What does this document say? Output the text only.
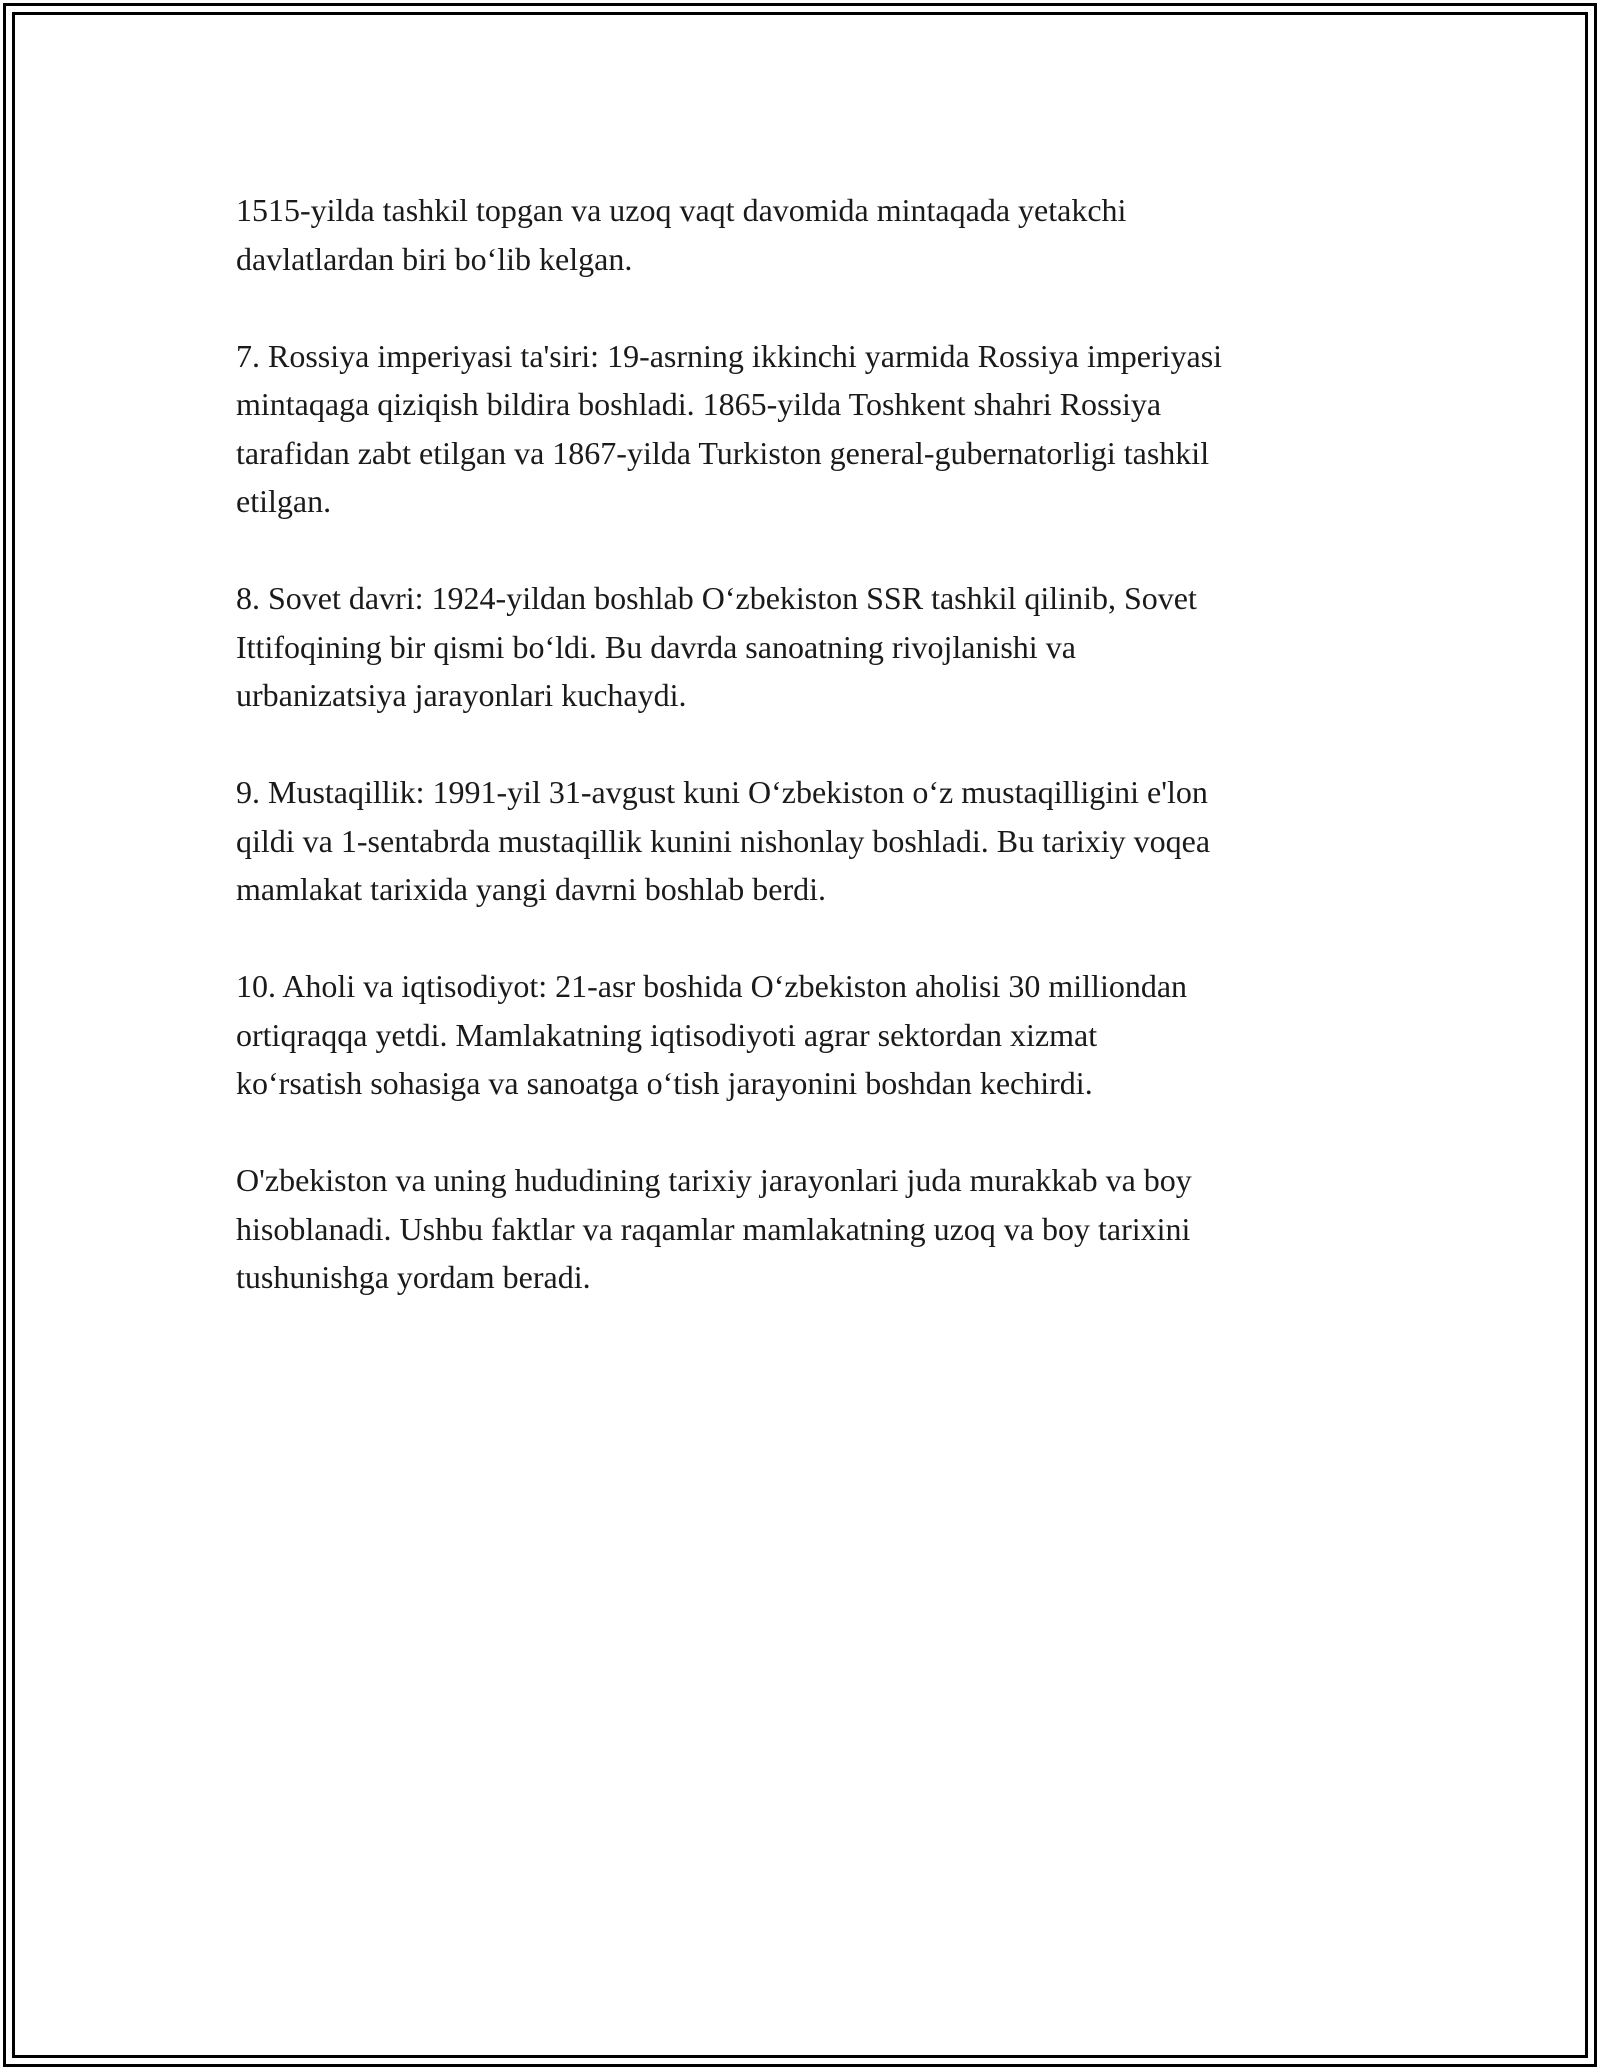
1515-yilda tashkil topgan va uzoq vaqt davomida mintaqada yetakchi
davlatlardan biri bo‘lib kelgan.

7. Rossiya imperiyasi ta'siri: 19-asrning ikkinchi yarmida Rossiya imperiyasi
mintaqaga qiziqish bildira boshladi. 1865-yilda Toshkent shahri Rossiya
tarafidan zabt etilgan va 1867-yilda Turkiston general-gubernatorligi tashkil
etilgan.

8. Sovet davri: 1924-yildan boshlab O‘zbekiston SSR tashkil qilinib, Sovet
Ittifoqining bir qismi bo‘ldi. Bu davrda sanoatning rivojlanishi va
urbanizatsiya jarayonlari kuchaydi.

9. Mustaqillik: 1991-yil 31-avgust kuni O‘zbekiston o‘z mustaqilligini e'lon
qildi va 1-sentabrda mustaqillik kunini nishonlay boshladi. Bu tarixiy voqea
mamlakat tarixida yangi davrni boshlab berdi.

10. Aholi va iqtisodiyot: 21-asr boshida O‘zbekiston aholisi 30 milliondan
ortiqraqqa yetdi. Mamlakatning iqtisodiyoti agrar sektordan xizmat
ko‘rsatish sohasiga va sanoatga o‘tish jarayonini boshdan kechirdi.

O'zbekiston va uning hududining tarixiy jarayonlari juda murakkab va boy
hisoblanadi. Ushbu faktlar va raqamlar mamlakatning uzoq va boy tarixini
tushunishga yordam beradi.
